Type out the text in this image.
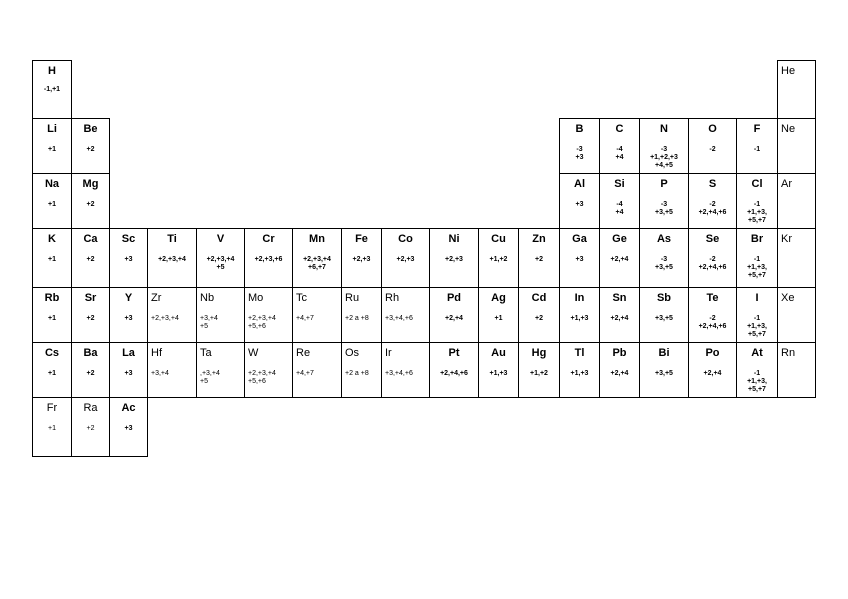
H
-1,+1
He
Li
+1
Be
+2
B
-3
+3
C
-4
+4
N
-3
+1,+2,+3
+4,+5
O
-2
F
-1
Ne
Na
+1
Mg
+2
Al
+3
Si
-4
+4
P
-3
+3,+5
S
-2
+2,+4,+6
Cl
-1
+1,+3,
+5,+7
Ar
K
+1
Ca
+2
Sc
+3
Ti
+2,+3,+4
V
+2,+3,+4
+5
Cr
+2,+3,+6
Mn
+2,+3,+4
+6,+7
Fe
+2,+3
Co
+2,+3
Ni
+2,+3
Cu
+1,+2
Zn
+2
Ga
+3
Ge
+2,+4
As
-3
+3,+5
Se
-2
+2,+4,+6
Br
-1
+1,+3,
+5,+7
Kr
Rb
+1
Sr
+2
Y
+3
Zr
+2,+3,+4
Nb
+3,+4
+5
Mo
+2,+3,+4
+5,+6
Tc
+4,+7
Ru
+2 a +8
Rh
+3,+4,+6
Pd
+2,+4
Ag
+1
Cd
+2
In
+1,+3
Sn
+2,+4
Sb
+3,+5
Te
-2
+2,+4,+6
I
-1
+1,+3,
+5,+7
Xe
Cs
+1
Ba
+2
La
+3
Hf
+3,+4
Ta
,+3,+4
+5
W
+2,+3,+4
+5,+6
Re
+4,+7
Os
+2 a +8
Ir
+3,+4,+6
Pt
+2,+4,+6
Au
+1,+3
Hg
+1,+2
Tl
+1,+3
Pb
+2,+4
Bi
+3,+5
Po
+2,+4
At
-1
+1,+3,
+5,+7
Rn
Fr
+1
Ra
+2
Ac
+3
